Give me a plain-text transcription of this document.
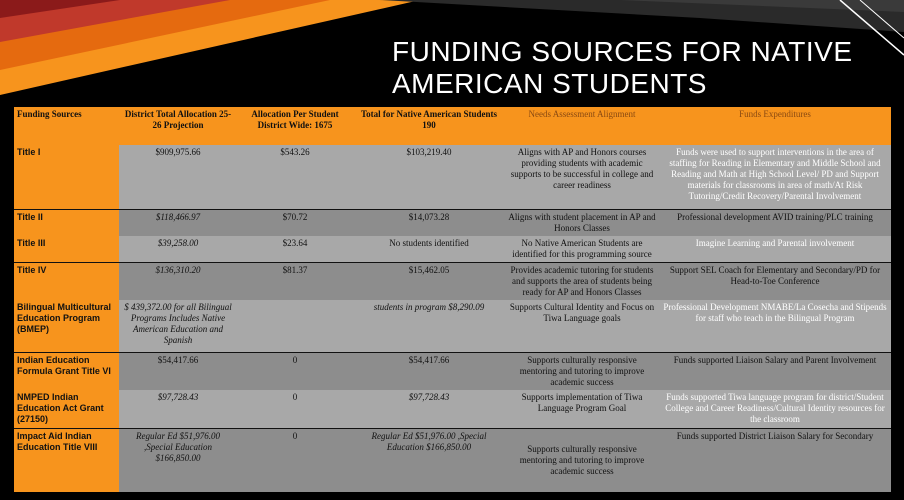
FUNDING SOURCES FOR NATIVE AMERICAN STUDENTS
Funding Sources	District Total Allocation 25-26 Projection	Allocation Per Student District Wide: 1675	Total for Native American Students 190	Needs Assessment Alignment	Funds Expenditures
Title I	$909,975.66	$543.26	$103,219.40	Aligns with AP and Honors courses providing students with academic supports to be successful in college and career readiness	Funds were used to support interventions in the area of staffing for Reading in Elementary and Middle School and Reading and Math at High School Level/ PD and Support materials for classrooms in area of math/At Risk Tutoring/Credit Recovery/Parental Involvement
Title II	$118,466.97	$70.72	$14,073.28	Aligns with student placement in AP and Honors Classes	Professional development AVID training/PLC training
Title III	$39,258.00	$23.64	No students identified	No Native American Students are identified for this programming source	Imagine Learning and Parental involvement
Title IV	$136,310.20	$81.37	$15,462.05	Provides academic tutoring for students and supports the area of students being ready for AP and Honors Classes	Support SEL Coach for Elementary and Secondary/PD for Head-to-Toe Conference
Bilingual Multicultural Education Program (BMEP)	$ 439,372.00 for all Bilingual Programs Includes Native American Education and Spanish		students in program $8,290.09	Supports Cultural Identity and Focus on Tiwa Language goals	Professional Development NMABE/La Cosecha and Stipends for staff who teach in the Bilingual Program
Indian Education Formula Grant Title VI	$54,417.66	0	$54,417.66	Supports culturally responsive mentoring and tutoring to improve academic success	Funds supported Liaison Salary and Parent Involvement
NMPED Indian Education Act Grant (27150)	$97,728.43	0	$97,728.43	Supports implementation of Tiwa Language Program Goal	Funds supported Tiwa language program for district/Student College and Career Readiness/Cultural Identity resources for the classroom
Impact Aid Indian Education Title VIII	Regular Ed $51,976.00 ,Special Education $166,850.00	0	Regular Ed $51,976.00 ,Special Education $166,850.00	Supports culturally responsive mentoring and tutoring to improve academic success	Funds supported District Liaison Salary for Secondary
